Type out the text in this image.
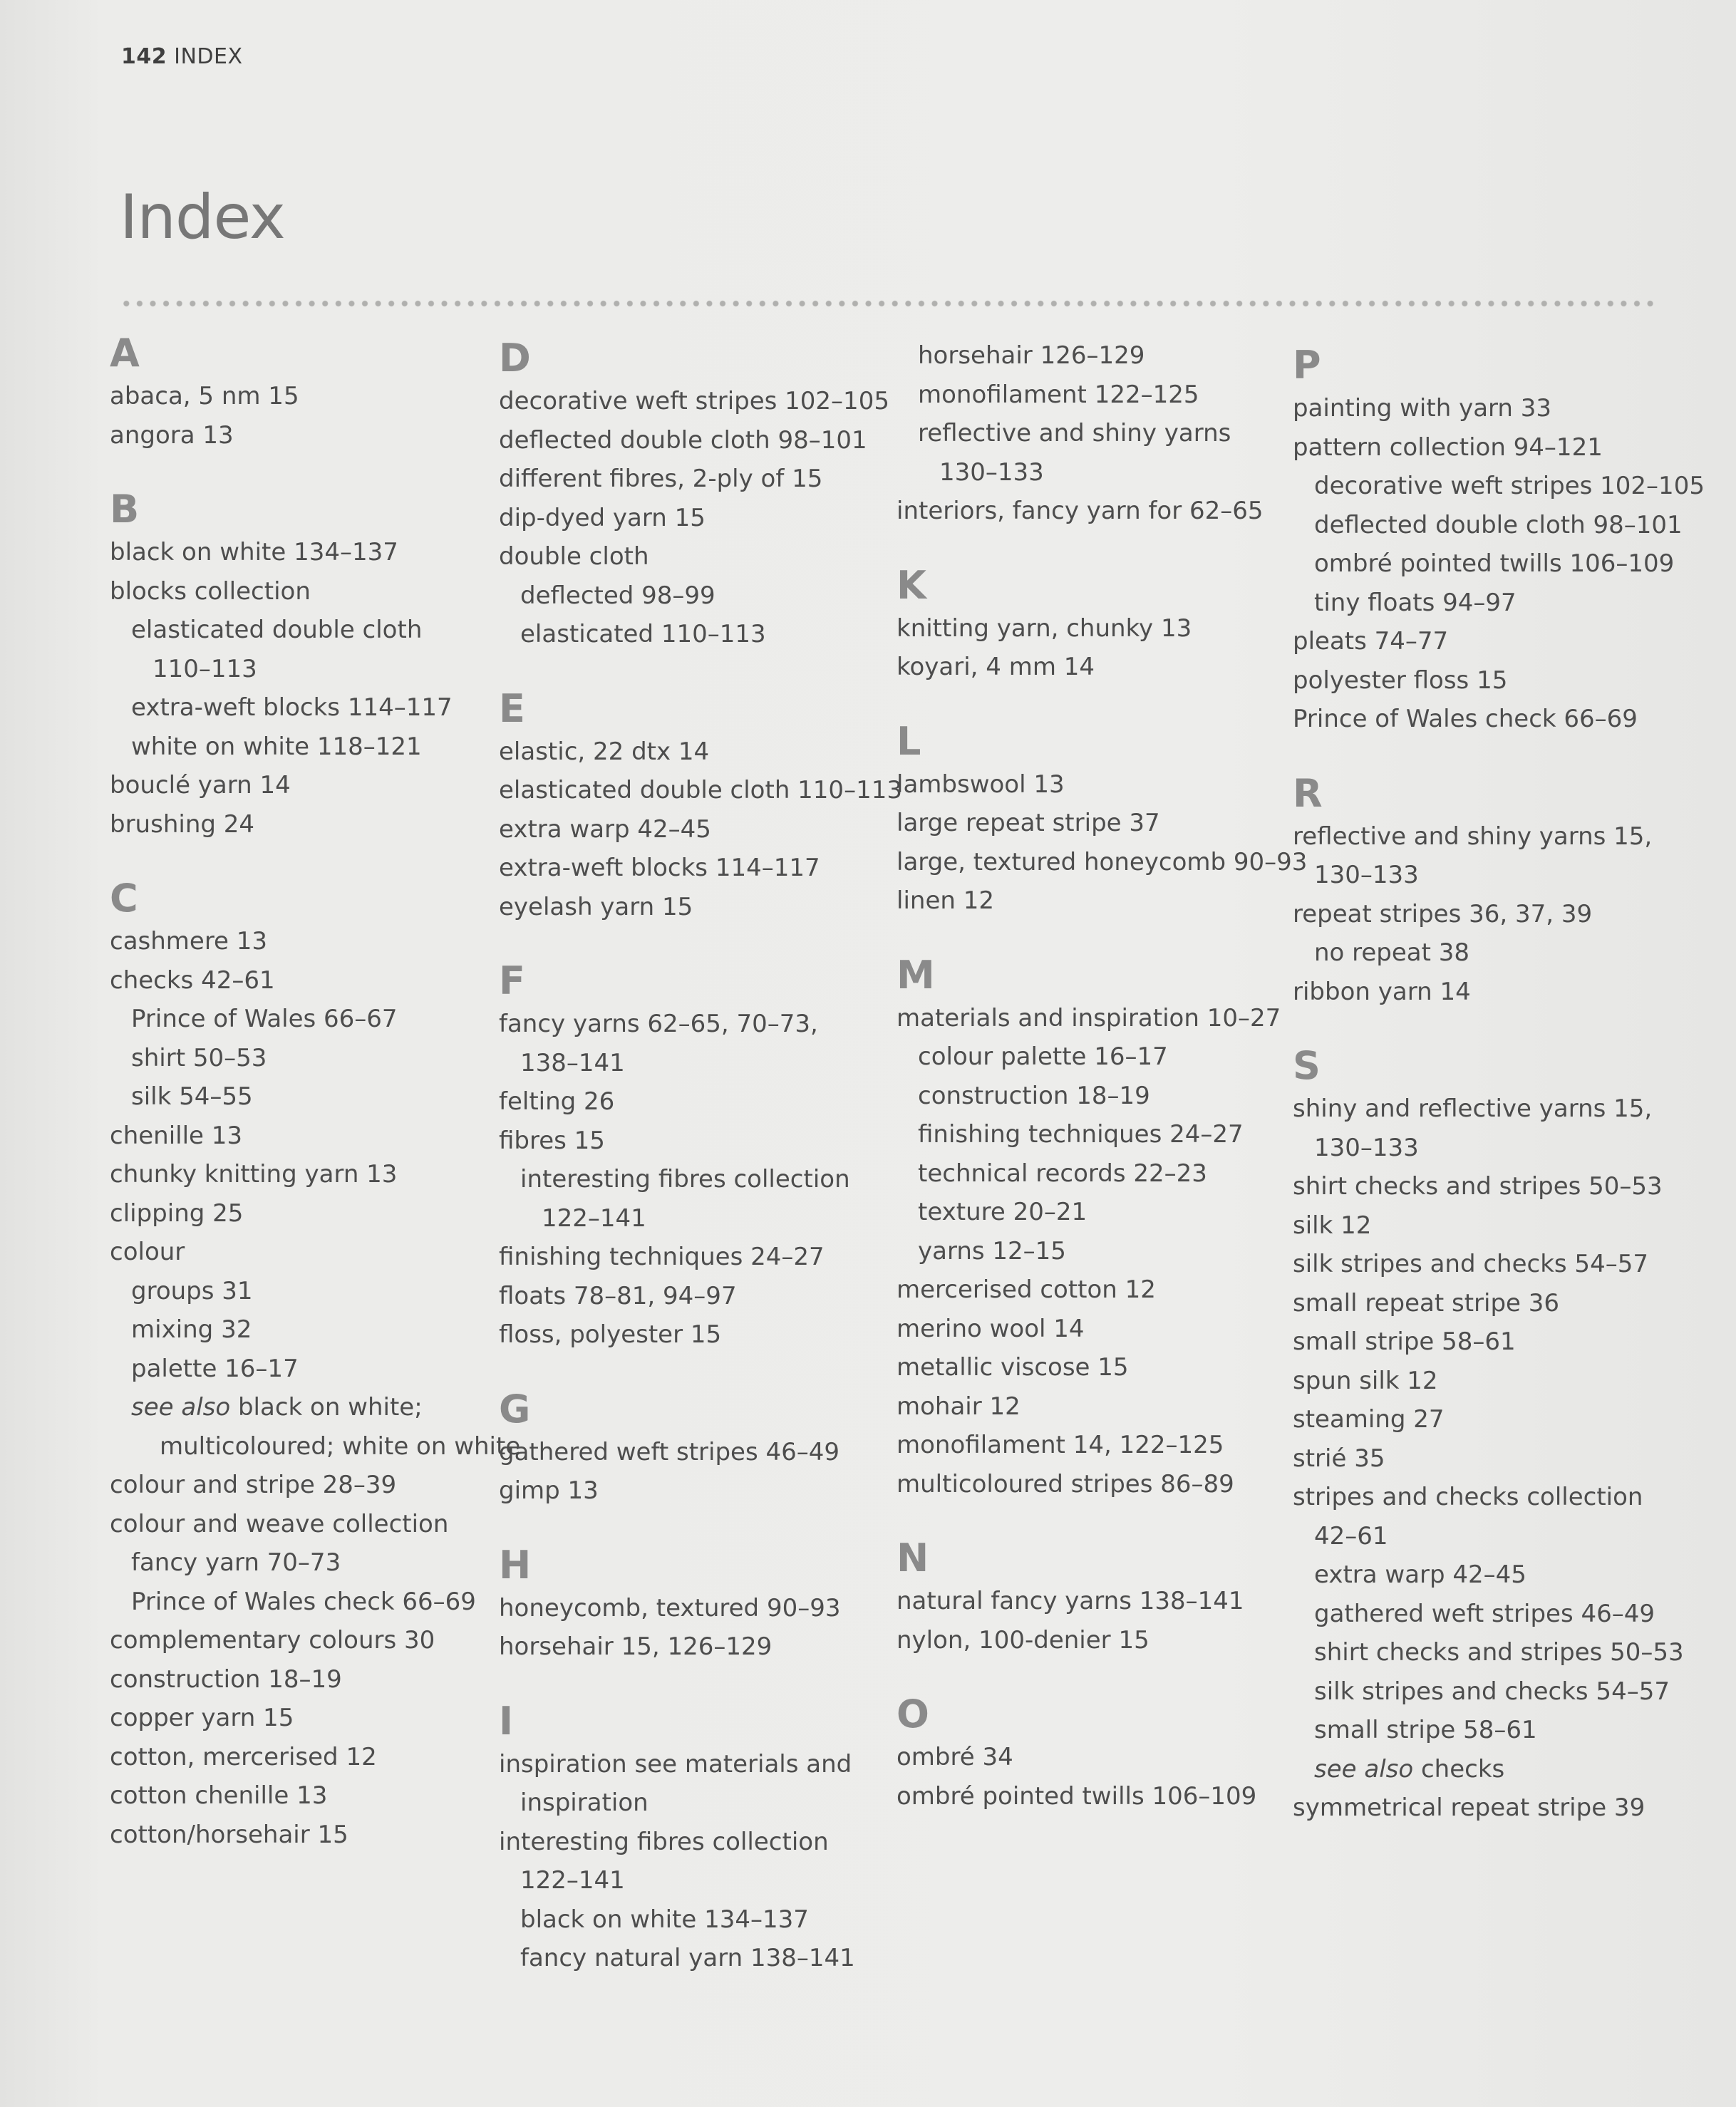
142 INDEX
Index
A
abaca, 5 nm 15
angora 13
B
black on white 134–137
blocks collection
elasticated double cloth
110–113
extra-weft blocks 114–117
white on white 118–121
bouclé yarn 14
brushing 24
C
cashmere 13
checks 42–61
Prince of Wales 66–67
shirt 50–53
silk 54–55
chenille 13
chunky knitting yarn 13
clipping 25
colour
groups 31
mixing 32
palette 16–17
see also black on white;
multicoloured; white on white
colour and stripe 28–39
colour and weave collection
fancy yarn 70–73
Prince of Wales check 66–69
complementary colours 30
construction 18–19
copper yarn 15
cotton, mercerised 12
cotton chenille 13
cotton/horsehair 15
D
decorative weft stripes 102–105
deflected double cloth 98–101
different fibres, 2-ply of 15
dip-dyed yarn 15
double cloth
deflected 98–99
elasticated 110–113
E
elastic, 22 dtx 14
elasticated double cloth 110–113
extra warp 42–45
extra-weft blocks 114–117
eyelash yarn 15
F
fancy yarns 62–65, 70–73,
138–141
felting 26
fibres 15
interesting fibres collection
122–141
finishing techniques 24–27
floats 78–81, 94–97
floss, polyester 15
G
gathered weft stripes 46–49
gimp 13
H
honeycomb, textured 90–93
horsehair 15, 126–129
I
inspiration see materials and
inspiration
interesting fibres collection
122–141
black on white 134–137
fancy natural yarn 138–141
horsehair 126–129
monofilament 122–125
reflective and shiny yarns
130–133
interiors, fancy yarn for 62–65
K
knitting yarn, chunky 13
koyari, 4 mm 14
L
lambswool 13
large repeat stripe 37
large, textured honeycomb 90–93
linen 12
M
materials and inspiration 10–27
colour palette 16–17
construction 18–19
finishing techniques 24–27
technical records 22–23
texture 20–21
yarns 12–15
mercerised cotton 12
merino wool 14
metallic viscose 15
mohair 12
monofilament 14, 122–125
multicoloured stripes 86–89
N
natural fancy yarns 138–141
nylon, 100-denier 15
O
ombré 34
ombré pointed twills 106–109
P
painting with yarn 33
pattern collection 94–121
decorative weft stripes 102–105
deflected double cloth 98–101
ombré pointed twills 106–109
tiny floats 94–97
pleats 74–77
polyester floss 15
Prince of Wales check 66–69
R
reflective and shiny yarns 15,
130–133
repeat stripes 36, 37, 39
no repeat 38
ribbon yarn 14
S
shiny and reflective yarns 15,
130–133
shirt checks and stripes 50–53
silk 12
silk stripes and checks 54–57
small repeat stripe 36
small stripe 58–61
spun silk 12
steaming 27
strié 35
stripes and checks collection
42–61
extra warp 42–45
gathered weft stripes 46–49
shirt checks and stripes 50–53
silk stripes and checks 54–57
small stripe 58–61
see also checks
symmetrical repeat stripe 39
